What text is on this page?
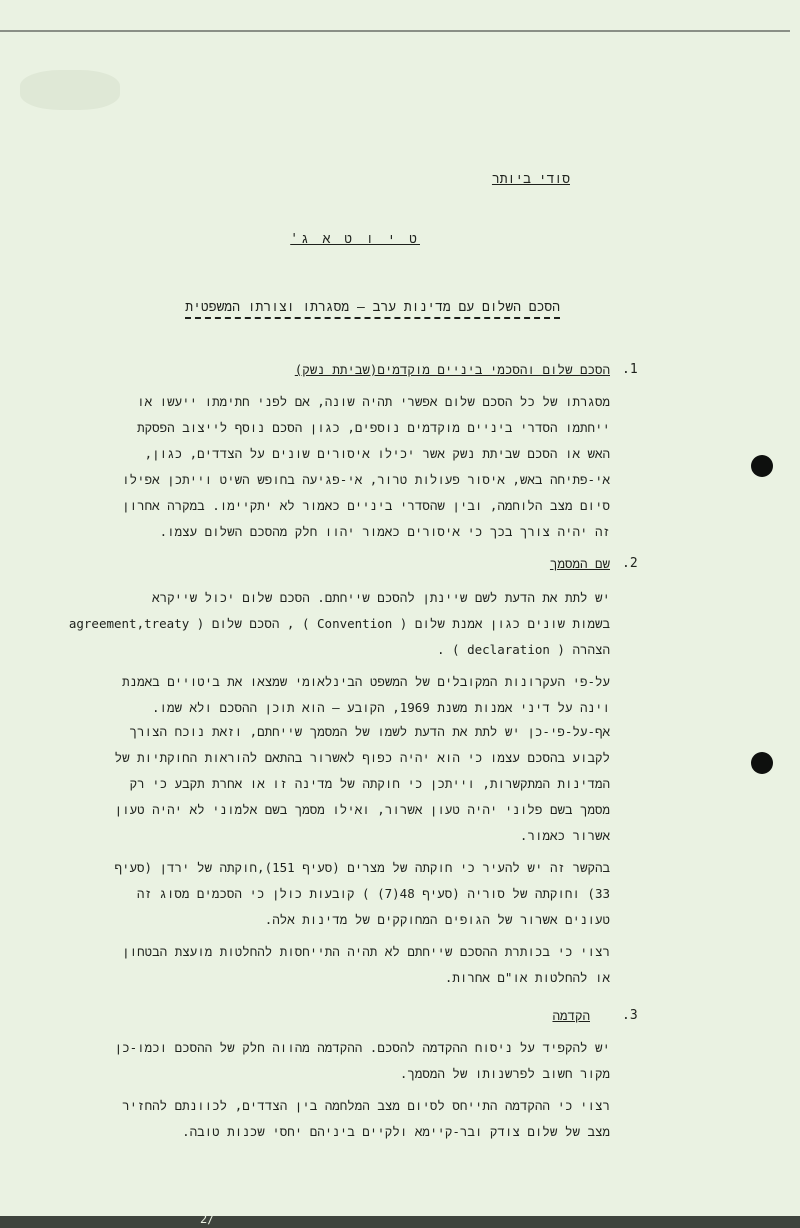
סודי ביותר
ט י ו ט א ג'
הסכם השלום עם מדינות ערב – מסגרתו וצורתו המשפטית
.1
הסכם שלום והסכמי ביניים מוקדמים(שביתת נשק)
מסגרתו של כל הסכם שלום אפשרי תהיה שונה, אם לפני חתימתו ייעשו או
ייחתמו הסדרי ביניים מוקדמים נוספים, כגון הסכם נוסף לייצוב הפסקת
האש או הסכם שביתת נשק אשר יכילו איסורים שונים על הצדדים, כגון,
אי-פתיחה באש, איסור פעולות טרור, אי-פגיעה בחופש השיט וייתכן אפילו
סיום מצב הלוחמה, ובין שהסדרי ביניים כאמור לא יתקיימו. במקרה אחרון
זה יהיה צורך בכך כי איסורים כאמור יהוו חלק מהסכם השלום עצמו.
.2
שם המסמך
יש לתת את הדעת לשם שיינתן להסכם שייחתם. הסכם שלום יכול שייקרא
בשמות שונים כגון אמנת שלום ( Convention ) , הסכם שלום ( agreement,treaty
הצהרה ( declaration ) .
על-פי העקרונות המקובלים של המשפט הבינלאומי שמצאו את ביטויים באמנת
וינה על דיני אמנות משנת 1969, הקובע – הוא תוכן ההסכם ולא שמו.
אף-על-פי-כן יש לתת את הדעת לשמו של המסמך שייחתם, וזאת נוכח הצורך
לקבוע בהסכם עצמו כי הוא יהיה כפוף לאשרור בהתאם להוראות החוקתיות של
המדינות המתקשרות, וייתכן כי חוקתה של מדינה זו או אחרת תקבע כי רק
מסמך בשם פלוני יהיה טעון אשרור, ואילו מסמך בשם אלמוני לא יהיה טעון
אשרור כאמור.
בהקשר זה יש להעיר כי חוקתה של מצרים (סעיף 151),חוקתה של ירדן (סעיף
33) וחוקתה של סוריה (סעיף 48(7) ) קובעות כולן כי הסכמים מסוג זה
טעונים אשרור של הגופים המחוקקים של מדינות אלה.
רצוי כי בכותרת ההסכם שייחתם לא תהיה התייחסות להחלטות מועצת הבטחון
או להחלטות או"ם אחרות.
.3
הקדמה
יש להקפיד על ניסוח ההקדמה להסכם. ההקדמה מהווה חלק של ההסכם וכמו-כן
מקור חשוב לפרשנותו של המסמך.
רצוי כי ההקדמה התייחס לסיום מצב המלחמה בין הצדדים, לכוונתם להחזיר
מצב של שלום צודק ובר-קיימא ולקיים ביניהם יחסי שכנות טובה.
2/
